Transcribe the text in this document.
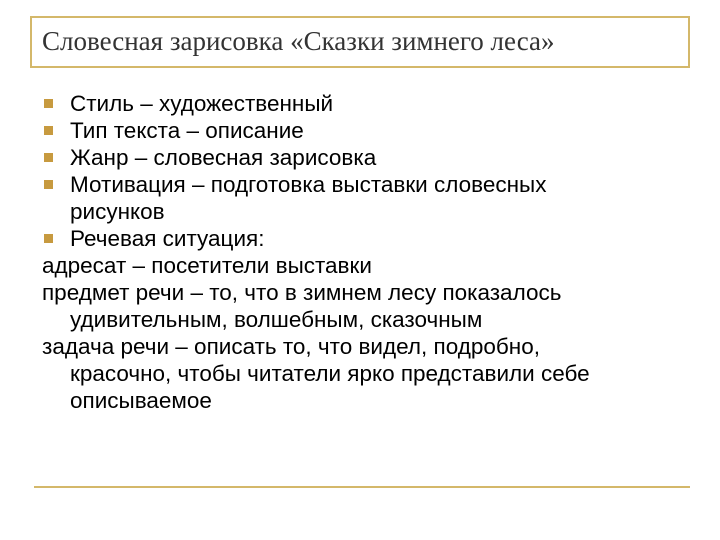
Словесная зарисовка «Сказки зимнего леса»
Стиль – художественный
Тип текста – описание
Жанр – словесная зарисовка
Мотивация – подготовка выставки словесных
рисунков
Речевая ситуация:
адресат – посетители выставки
предмет речи – то, что в зимнем лесу показалось
удивительным, волшебным, сказочным
задача речи – описать то, что видел, подробно,
красочно, чтобы читатели ярко представили себе
описываемое
